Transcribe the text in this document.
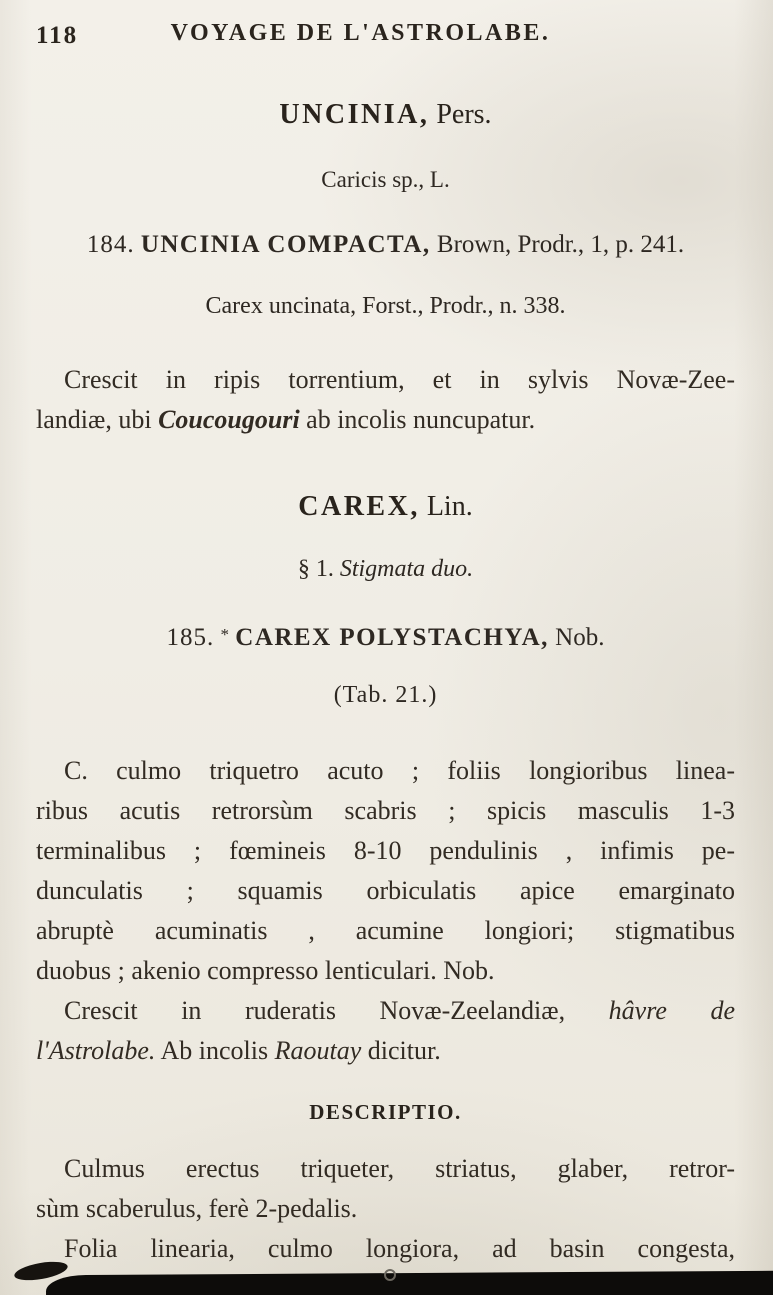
118	VOYAGE DE L'ASTROLABE.
UNCINIA, Pers.
Caricis sp., L.
184. UNCINIA COMPACTA, Brown, Prodr., 1, p. 241.
Carex uncinata, Forst., Prodr., n. 338.
Crescit in ripis torrentium, et in sylvis Novæ-Zee-
landiæ, ubi Coucougouri ab incolis nuncupatur.
CAREX, Lin.
§ 1. Stigmata duo.
185. * CAREX POLYSTACHYA, Nob.
(Tab. 21.)
C. culmo triquetro acuto ; foliis longioribus linea-
ribus acutis retrorsùm scabris ; spicis masculis 1-3
terminalibus ; fœmineis 8-10 pendulinis , infimis pe-
dunculatis ; squamis orbiculatis apice emarginato
abruptè acuminatis , acumine longiori; stigmatibus
duobus ; akenio compresso lenticulari. Nob.
Crescit in ruderatis Novæ-Zeelandiæ, hâvre de
l'Astrolabe. Ab incolis Raoutay dicitur.
DESCRIPTIO.
Culmus erectus triqueter, striatus, glaber, retror-
sùm scaberulus, ferè 2-pedalis.
Folia linearia, culmo longiora, ad basin congesta,
